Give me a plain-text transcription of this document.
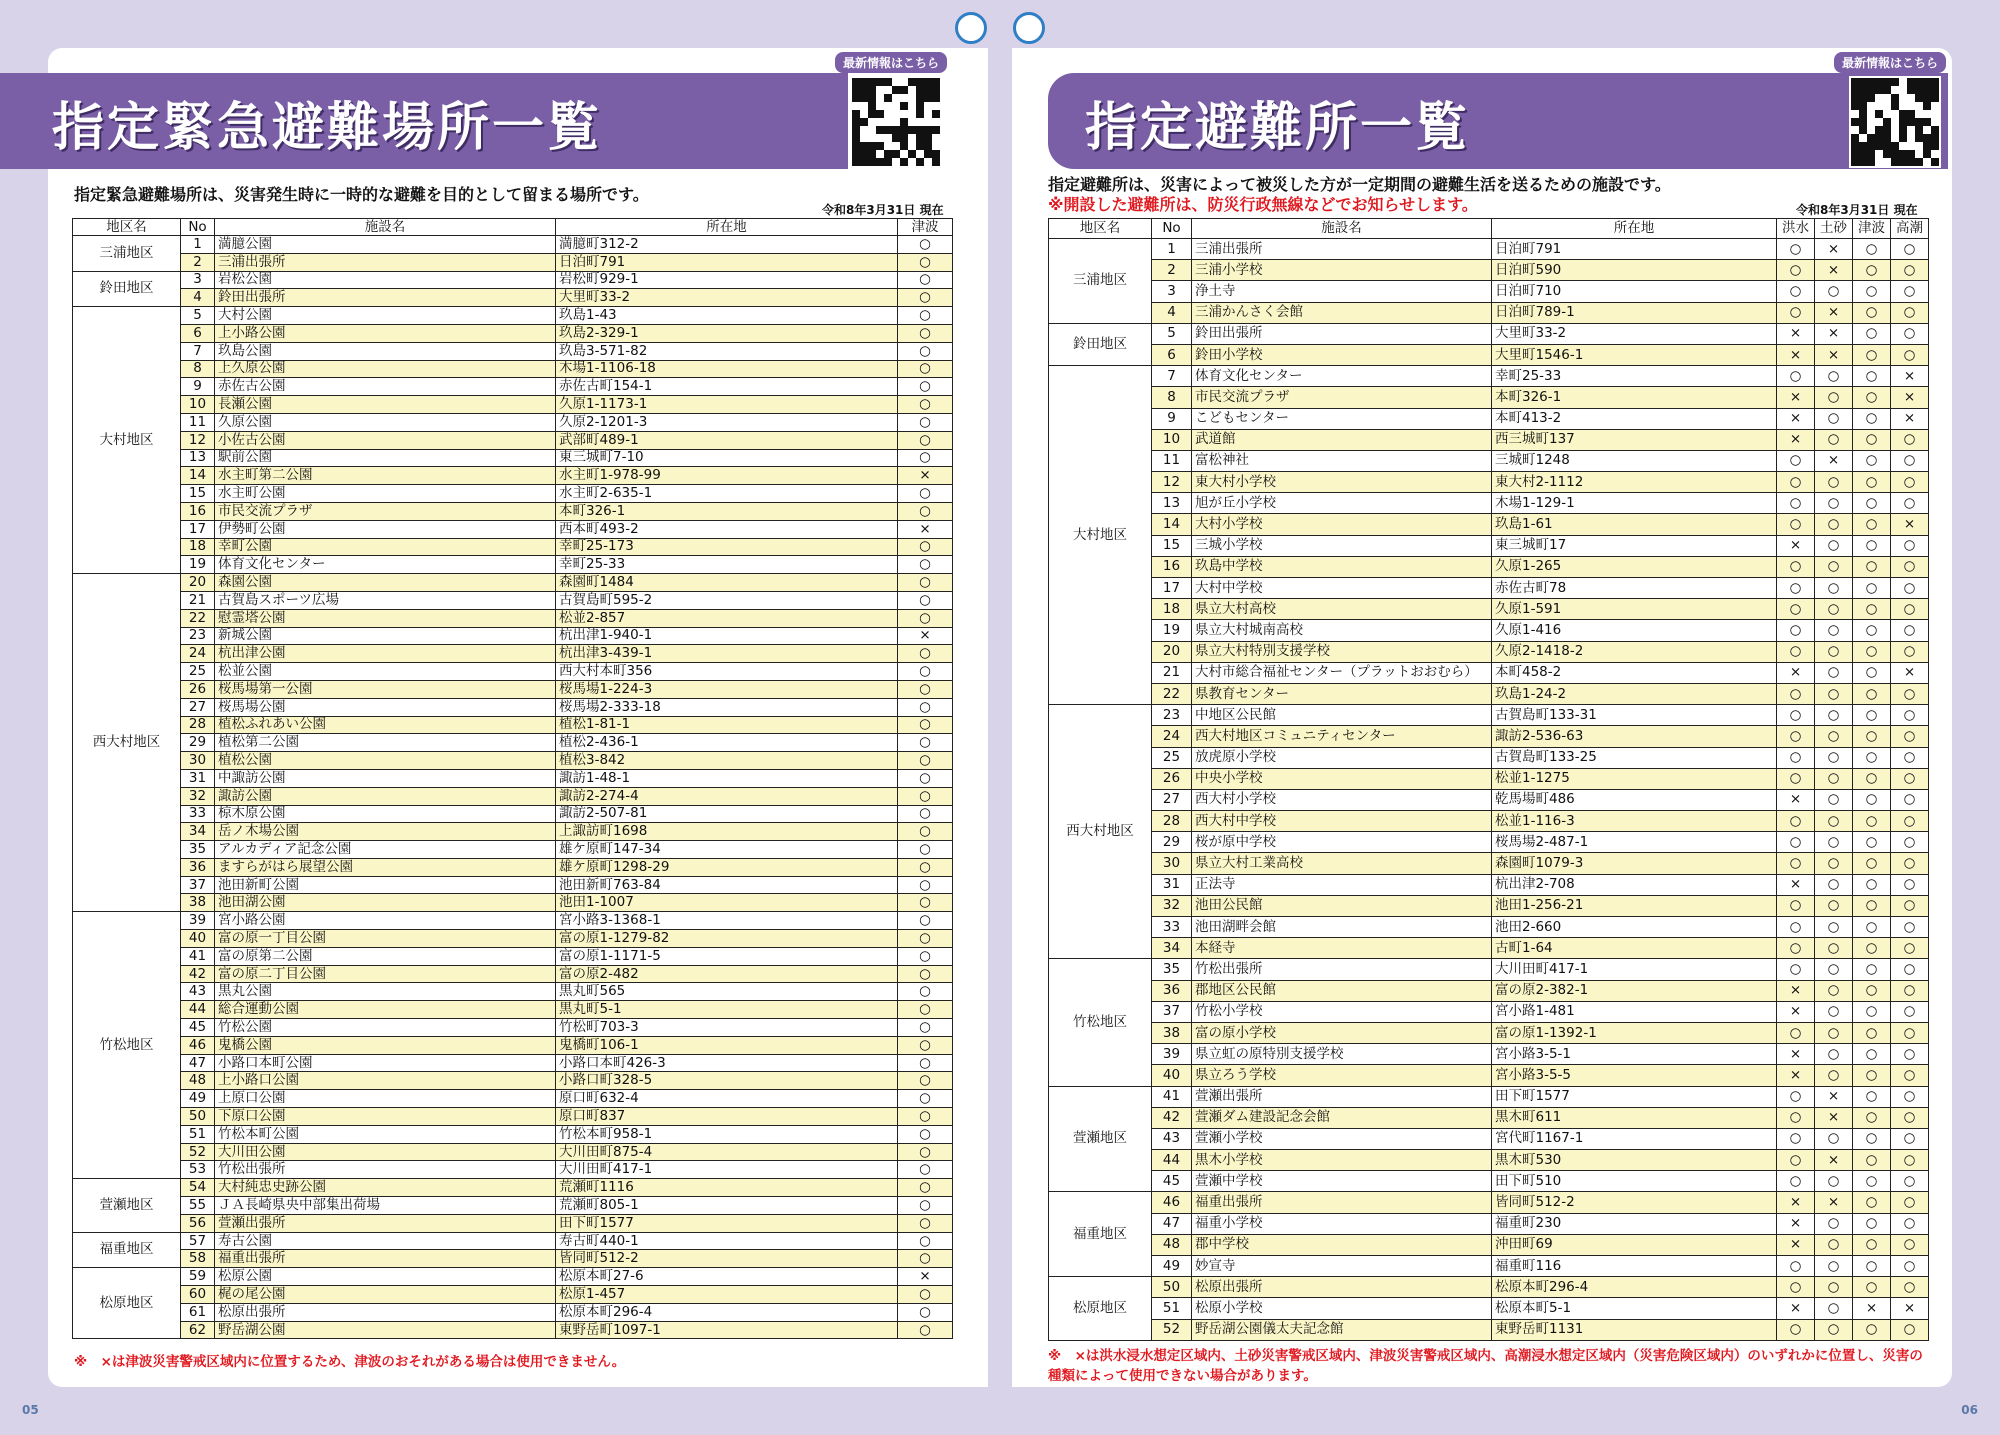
指定緊急避難場所一覧	指定避難所一覧
最新情報はこちら	最新情報はこちら
指定緊急避難場所は、災害発生時に一時的な避難を目的として留まる場所です。
令和8年3月31日 現在
指定避難所は、災害によって被災した方が一定期間の避難生活を送るための施設です。
※開設した避難所は、防災行政無線などでお知らせします。	令和8年3月31日 現在
地区名	No	施設名	所在地	津波
三浦地区	1	満臆公園	満臆町312-2	○
	2	三浦出張所	日泊町791	○
鈴田地区	3	岩松公園	岩松町929-1	○
	4	鈴田出張所	大里町33-2	○
大村地区	5	大村公園	玖島1-43	○
	6	上小路公園	玖島2-329-1	○
	7	玖島公園	玖島3-571-82	○
	8	上久原公園	木場1-1106-18	○
	9	赤佐古公園	赤佐古町154-1	○
	10	長瀬公園	久原1-1173-1	○
	11	久原公園	久原2-1201-3	○
	12	小佐古公園	武部町489-1	○
	13	駅前公園	東三城町7-10	○
	14	水主町第二公園	水主町1-978-99	×
	15	水主町公園	水主町2-635-1	○
	16	市民交流プラザ	本町326-1	○
	17	伊勢町公園	西本町493-2	×
	18	幸町公園	幸町25-173	○
	19	体育文化センター	幸町25-33	○
西大村地区	20	森園公園	森園町1484	○
	21	古賀島スポーツ広場	古賀島町595-2	○
	22	慰霊塔公園	松並2-857	○
	23	新城公園	杭出津1-940-1	×
	24	杭出津公園	杭出津3-439-1	○
	25	松並公園	西大村本町356	○
	26	桜馬場第一公園	桜馬場1-224-3	○
	27	桜馬場公園	桜馬場2-333-18	○
	28	植松ふれあい公園	植松1-81-1	○
	29	植松第二公園	植松2-436-1	○
	30	植松公園	植松3-842	○
	31	中諏訪公園	諏訪1-48-1	○
	32	諏訪公園	諏訪2-274-4	○
	33	椋木原公園	諏訪2-507-81	○
	34	岳ノ木場公園	上諏訪町1698	○
	35	アルカディア記念公園	雄ケ原町147-34	○
	36	ますらがはら展望公園	雄ケ原町1298-29	○
	37	池田新町公園	池田新町763-84	○
	38	池田湖公園	池田1-1007	○
竹松地区	39	宮小路公園	宮小路3-1368-1	○
	40	富の原一丁目公園	富の原1-1279-82	○
	41	富の原第二公園	富の原1-1171-5	○
	42	富の原二丁目公園	富の原2-482	○
	43	黒丸公園	黒丸町565	○
	44	総合運動公園	黒丸町5-1	○
	45	竹松公園	竹松町703-3	○
	46	鬼橋公園	鬼橋町106-1	○
	47	小路口本町公園	小路口本町426-3	○
	48	上小路口公園	小路口町328-5	○
	49	上原口公園	原口町632-4	○
	50	下原口公園	原口町837	○
	51	竹松本町公園	竹松本町958-1	○
	52	大川田公園	大川田町875-4	○
	53	竹松出張所	大川田町417-1	○
萱瀬地区	54	大村純忠史跡公園	荒瀬町1116	○
	55	ＪＡ長崎県央中部集出荷場	荒瀬町805-1	○
	56	萱瀬出張所	田下町1577	○
福重地区	57	寿古公園	寿古町440-1	○
	58	福重出張所	皆同町512-2	○
松原地区	59	松原公園	松原本町27-6	×
	60	梶の尾公園	松原1-457	○
	61	松原出張所	松原本町296-4	○
	62	野岳湖公園	東野岳町1097-1	○
地区名	No	施設名	所在地	洪水	土砂	津波	高潮
三浦地区	1	三浦出張所	日泊町791	○	×	○	○
	2	三浦小学校	日泊町590	○	×	○	○
	3	浄土寺	日泊町710	○	○	○	○
	4	三浦かんさく会館	日泊町789-1	○	×	○	○
鈴田地区	5	鈴田出張所	大里町33-2	×	×	○	○
	6	鈴田小学校	大里町1546-1	×	×	○	○
大村地区	7	体育文化センター	幸町25-33	○	○	○	×
	8	市民交流プラザ	本町326-1	×	○	○	×
	9	こどもセンター	本町413-2	×	○	○	×
	10	武道館	西三城町137	×	○	○	○
	11	富松神社	三城町1248	○	×	○	○
	12	東大村小学校	東大村2-1112	○	○	○	○
	13	旭が丘小学校	木場1-129-1	○	○	○	○
	14	大村小学校	玖島1-61	○	○	○	×
	15	三城小学校	東三城町17	×	○	○	○
	16	玖島中学校	久原1-265	○	○	○	○
	17	大村中学校	赤佐古町78	○	○	○	○
	18	県立大村高校	久原1-591	○	○	○	○
	19	県立大村城南高校	久原1-416	○	○	○	○
	20	県立大村特別支援学校	久原2-1418-2	○	○	○	○
	21	大村市総合福祉センター（プラットおおむら）	本町458-2	×	○	○	×
	22	県教育センター	玖島1-24-2	○	○	○	○
西大村地区	23	中地区公民館	古賀島町133-31	○	○	○	○
	24	西大村地区コミュニティセンター	諏訪2-536-63	○	○	○	○
	25	放虎原小学校	古賀島町133-25	○	○	○	○
	26	中央小学校	松並1-1275	○	○	○	○
	27	西大村小学校	乾馬場町486	×	○	○	○
	28	西大村中学校	松並1-116-3	○	○	○	○
	29	桜が原中学校	桜馬場2-487-1	○	○	○	○
	30	県立大村工業高校	森園町1079-3	○	○	○	○
	31	正法寺	杭出津2-708	×	○	○	○
	32	池田公民館	池田1-256-21	○	○	○	○
	33	池田湖畔会館	池田2-660	○	○	○	○
	34	本経寺	古町1-64	○	○	○	○
竹松地区	35	竹松出張所	大川田町417-1	○	○	○	○
	36	郡地区公民館	富の原2-382-1	×	○	○	○
	37	竹松小学校	宮小路1-481	×	○	○	○
	38	富の原小学校	富の原1-1392-1	○	○	○	○
	39	県立虹の原特別支援学校	宮小路3-5-1	×	○	○	○
	40	県立ろう学校	宮小路3-5-5	×	○	○	○
萱瀬地区	41	萱瀬出張所	田下町1577	○	×	○	○
	42	萱瀬ダム建設記念会館	黒木町611	○	×	○	○
	43	萱瀬小学校	宮代町1167-1	○	○	○	○
	44	黒木小学校	黒木町530	○	×	○	○
	45	萱瀬中学校	田下町510	○	○	○	○
福重地区	46	福重出張所	皆同町512-2	×	×	○	○
	47	福重小学校	福重町230	×	○	○	○
	48	郡中学校	沖田町69	×	○	○	○
	49	妙宣寺	福重町116	○	○	○	○
松原地区	50	松原出張所	松原本町296-4	○	○	○	○
	51	松原小学校	松原本町5-1	×	○	×	×
	52	野岳湖公園儀太夫記念館	東野岳町1131	○	○	○	○
※　×は津波災害警戒区域内に位置するため、津波のおそれがある場合は使用できません。	※　×は洪水浸水想定区域内、土砂災害警戒区域内、津波災害警戒区域内、高潮浸水想定区域内（災害危険区域内）のいずれかに位置し、災害の種類によって使用できない場合があります。
05	06
